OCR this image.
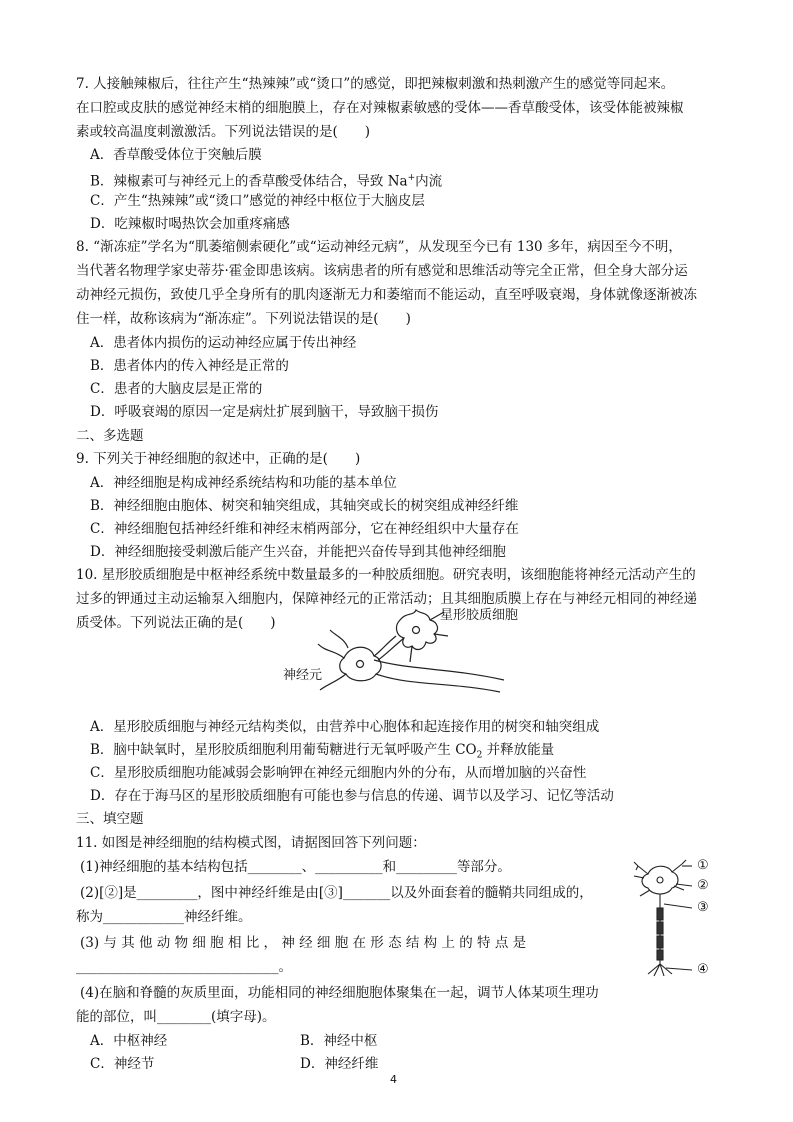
7. 人接触辣椒后，往往产生“热辣辣”或“烫口”的感觉，即把辣椒刺激和热刺激产生的感觉等同起来。
在口腔或皮肤的感觉神经末梢的细胞膜上，存在对辣椒素敏感的受体——香草酸受体，该受体能被辣椒
素或较高温度刺激激活。下列说法错误的是(　　)
A．香草酸受体位于突触后膜
B．辣椒素可与神经元上的香草酸受体结合，导致 Na+内流
C．产生“热辣辣”或“烫口”感觉的神经中枢位于大脑皮层
D．吃辣椒时喝热饮会加重疼痛感
8. “渐冻症”学名为“肌萎缩侧索硬化”或“运动神经元病”，从发现至今已有 130 多年，病因至今不明，
当代著名物理学家史蒂芬·霍金即患该病。该病患者的所有感觉和思维活动等完全正常，但全身大部分运
动神经元损伤，致使几乎全身所有的肌肉逐渐无力和萎缩而不能运动，直至呼吸衰竭，身体就像逐渐被冻
住一样，故称该病为“渐冻症”。下列说法错误的是(　　)
A．患者体内损伤的运动神经应属于传出神经
B．患者体内的传入神经是正常的
C．患者的大脑皮层是正常的
D．呼吸衰竭的原因一定是病灶扩展到脑干，导致脑干损伤
二、多选题
9. 下列关于神经细胞的叙述中，正确的是(　　)
A．神经细胞是构成神经系统结构和功能的基本单位
B．神经细胞由胞体、树突和轴突组成，其轴突或长的树突组成神经纤维
C．神经细胞包括神经纤维和神经末梢两部分，它在神经组织中大量存在
D．神经细胞接受刺激后能产生兴奋，并能把兴奋传导到其他神经细胞
10. 星形胶质细胞是中枢神经系统中数量最多的一种胶质细胞。研究表明，该细胞能将神经元活动产生的
过多的钾通过主动运输泵入细胞内，保障神经元的正常活动；且其细胞质膜上存在与神经元相同的神经递
质受体。下列说法正确的是(　　)	星形胶质细胞
神经元
A．星形胶质细胞与神经元结构类似，由营养中心胞体和起连接作用的树突和轴突组成
B．脑中缺氧时，星形胶质细胞利用葡萄糖进行无氧呼吸产生 $CO_2$ 并释放能量
C．星形胶质细胞功能减弱会影响钾在神经元细胞内外的分布，从而增加脑的兴奋性
D．存在于海马区的星形胶质细胞有可能也参与信息的传递、调节以及学习、记忆等活动
三、填空题
11. 如图是神经细胞的结构模式图，请据图回答下列问题：
(1)神经细胞的基本结构包括________、__________和_________等部分。
(2)[②]是_________，图中神经纤维是由[③]_______以及外面套着的髓鞘共同组成的，
称为____________神经纤维。
(3) 与 其 他 动 物 细 胞 相 比 ， 神 经 细 胞 在 形 态 结 构 上 的 特 点 是
______________________________。
(4)在脑和脊髓的灰质里面，功能相同的神经细胞胞体聚集在一起，调节人体某项生理功
能的部位，叫________(填字母)。
A．中枢神经	B．神经中枢
C．神经节	D．神经纤维
①
②
③
④
4
